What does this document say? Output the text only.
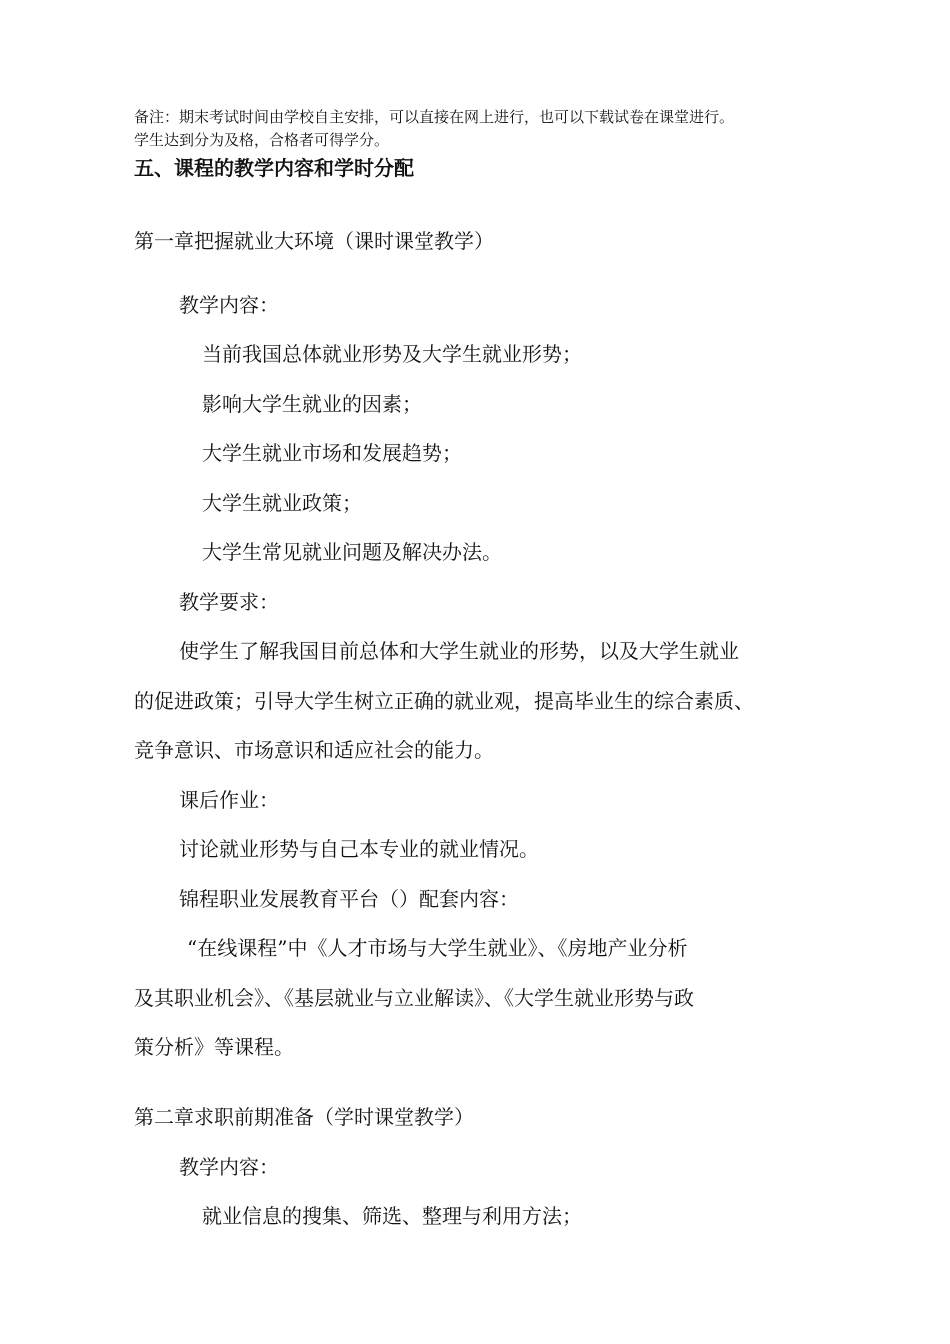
备注：期末考试时间由学校自主安排，可以直接在网上进行，也可以下载试卷在课堂进行。

学生达到分为及格，合格者可得学分。

五、课程的教学内容和学时分配

第一章把握就业大环境（课时课堂教学）

教学内容：

当前我国总体就业形势及大学生就业形势；

影响大学生就业的因素；

大学生就业市场和发展趋势；

大学生就业政策；

大学生常见就业问题及解决办法。

教学要求：

使学生了解我国目前总体和大学生就业的形势，以及大学生就业

的促进政策；引导大学生树立正确的就业观，提高毕业生的综合素质、

竞争意识、市场意识和适应社会的能力。

课后作业：

讨论就业形势与自己本专业的就业情况。

锦程职业发展教育平台（）配套内容：

“在线课程”中《人才市场与大学生就业》、《房地产业分析

及其职业机会》、《基层就业与立业解读》、《大学生就业形势与政

策分析》等课程。

第二章求职前期准备（学时课堂教学）

教学内容：

就业信息的搜集、筛选、整理与利用方法；
